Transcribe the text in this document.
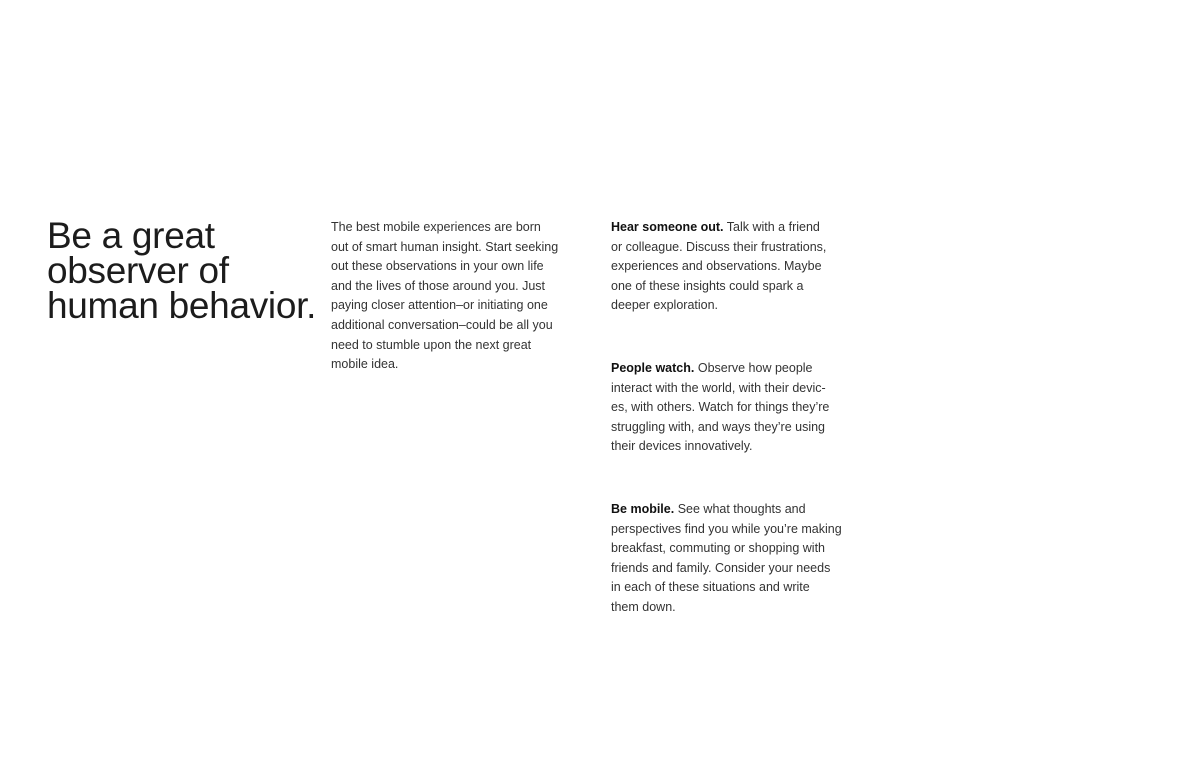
Be a great
observer of
human behavior.
The best mobile experiences are born
out of smart human insight. Start seeking
out these observations in your own life
and the lives of those around you. Just
paying closer attention–or initiating one
additional conversation–could be all you
need to stumble upon the next great
mobile idea.
Hear someone out. Talk with a friend
or colleague. Discuss their frustrations,
experiences and observations. Maybe
one of these insights could spark a
deeper exploration.
People watch. Observe how people
interact with the world, with their devic-
es, with others. Watch for things they’re
struggling with, and ways they’re using
their devices innovatively.
Be mobile. See what thoughts and
perspectives find you while you’re making
breakfast, commuting or shopping with
friends and family. Consider your needs
in each of these situations and write
them down.
